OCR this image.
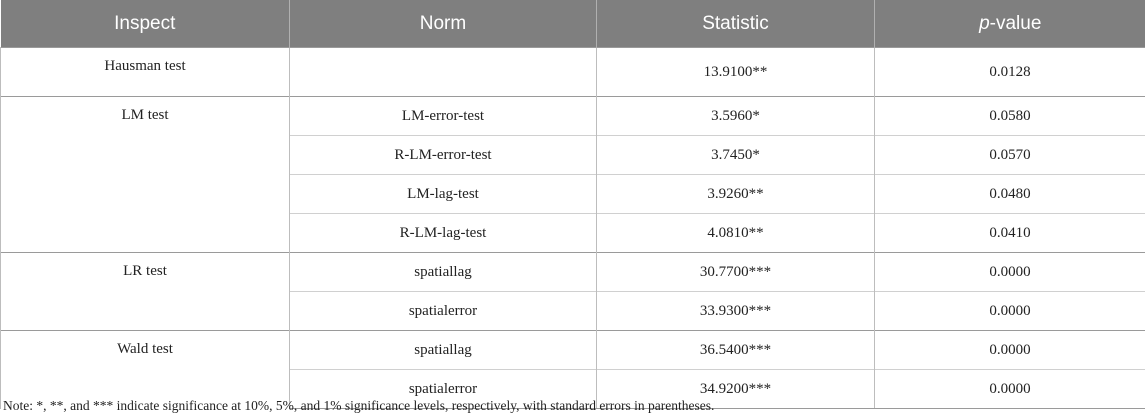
Inspect	Norm	Statistic	p-value
Hausman test		13.9100**	0.0128
LM test	LM-error-test	3.5960*	0.0580
	R-LM-error-test	3.7450*	0.0570
	LM-lag-test	3.9260**	0.0480
	R-LM-lag-test	4.0810**	0.0410
LR test	spatiallag	30.7700***	0.0000
	spatialerror	33.9300***	0.0000
Wald test	spatiallag	36.5400***	0.0000
	spatialerror	34.9200***	0.0000
Note: *, **, and *** indicate significance at 10%, 5%, and 1% significance levels, respectively, with standard errors in parentheses.
